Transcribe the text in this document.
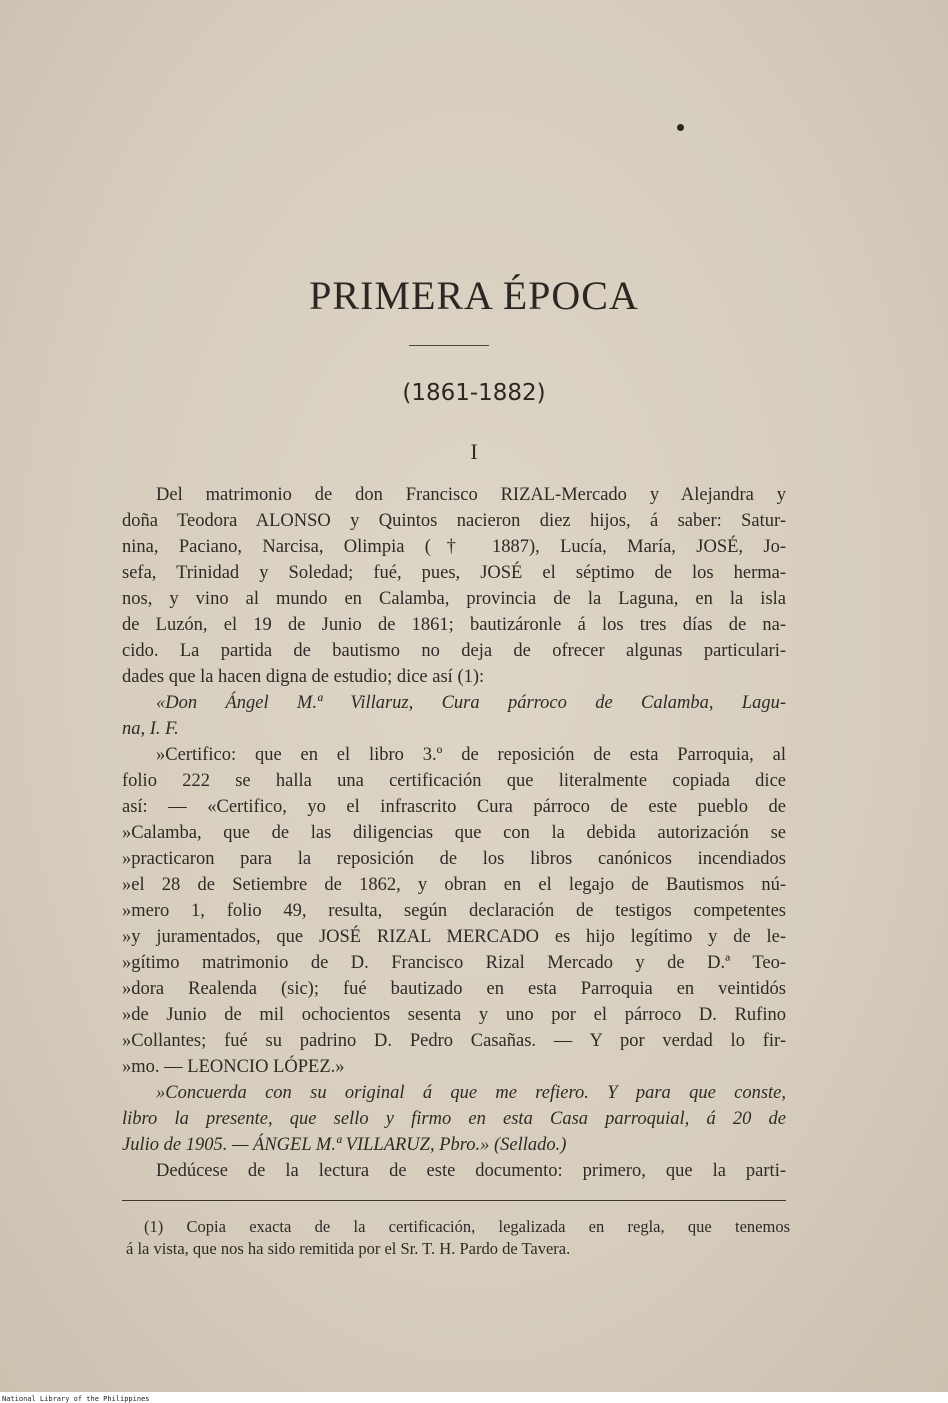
PRIMERA ÉPOCA
(1861-1882)
I
Del matrimonio de don Francisco RIZAL-Mercado y Alejandra y
doña Teodora ALONSO y Quintos nacieron diez hijos, á saber: Satur-
nina, Paciano, Narcisa, Olimpia († 1887), Lucía, María, JOSÉ, Jo-
sefa, Trinidad y Soledad; fué, pues, JOSÉ el séptimo de los herma-
nos, y vino al mundo en Calamba, provincia de la Laguna, en la isla
de Luzón, el 19 de Junio de 1861; bautizáronle á los tres días de na-
cido. La partida de bautismo no deja de ofrecer algunas particulari-
dades que la hacen digna de estudio; dice así (1):
«Don Ángel M.ª Villaruz, Cura párroco de Calamba, Lagu-
na, I. F.
»Certifico: que en el libro 3.º de reposición de esta Parroquia, al
folio 222 se halla una certificación que literalmente copiada dice
así: — «Certifico, yo el infrascrito Cura párroco de este pueblo de
»Calamba, que de las diligencias que con la debida autorización se
»practicaron para la reposición de los libros canónicos incendiados
»el 28 de Setiembre de 1862, y obran en el legajo de Bautismos nú-
»mero 1, folio 49, resulta, según declaración de testigos competentes
»y juramentados, que JOSÉ RIZAL MERCADO es hijo legítimo y de le-
»gítimo matrimonio de D. Francisco Rizal Mercado y de D.ª Teo-
»dora Realenda (sic); fué bautizado en esta Parroquia en veintidós
»de Junio de mil ochocientos sesenta y uno por el párroco D. Rufino
»Collantes; fué su padrino D. Pedro Casañas. — Y por verdad lo fir-
»mo. — LEONCIO LÓPEZ.»
»Concuerda con su original á que me refiero. Y para que conste,
libro la presente, que sello y firmo en esta Casa parroquial, á 20 de
Julio de 1905. — ÁNGEL M.ª VILLARUZ, Pbro.» (Sellado.)
Dedúcese de la lectura de este documento: primero, que la parti-
(1) Copia exacta de la certificación, legalizada en regla, que tenemos
á la vista, que nos ha sido remitida por el Sr. T. H. Pardo de Tavera.
National Library of the Philippines
